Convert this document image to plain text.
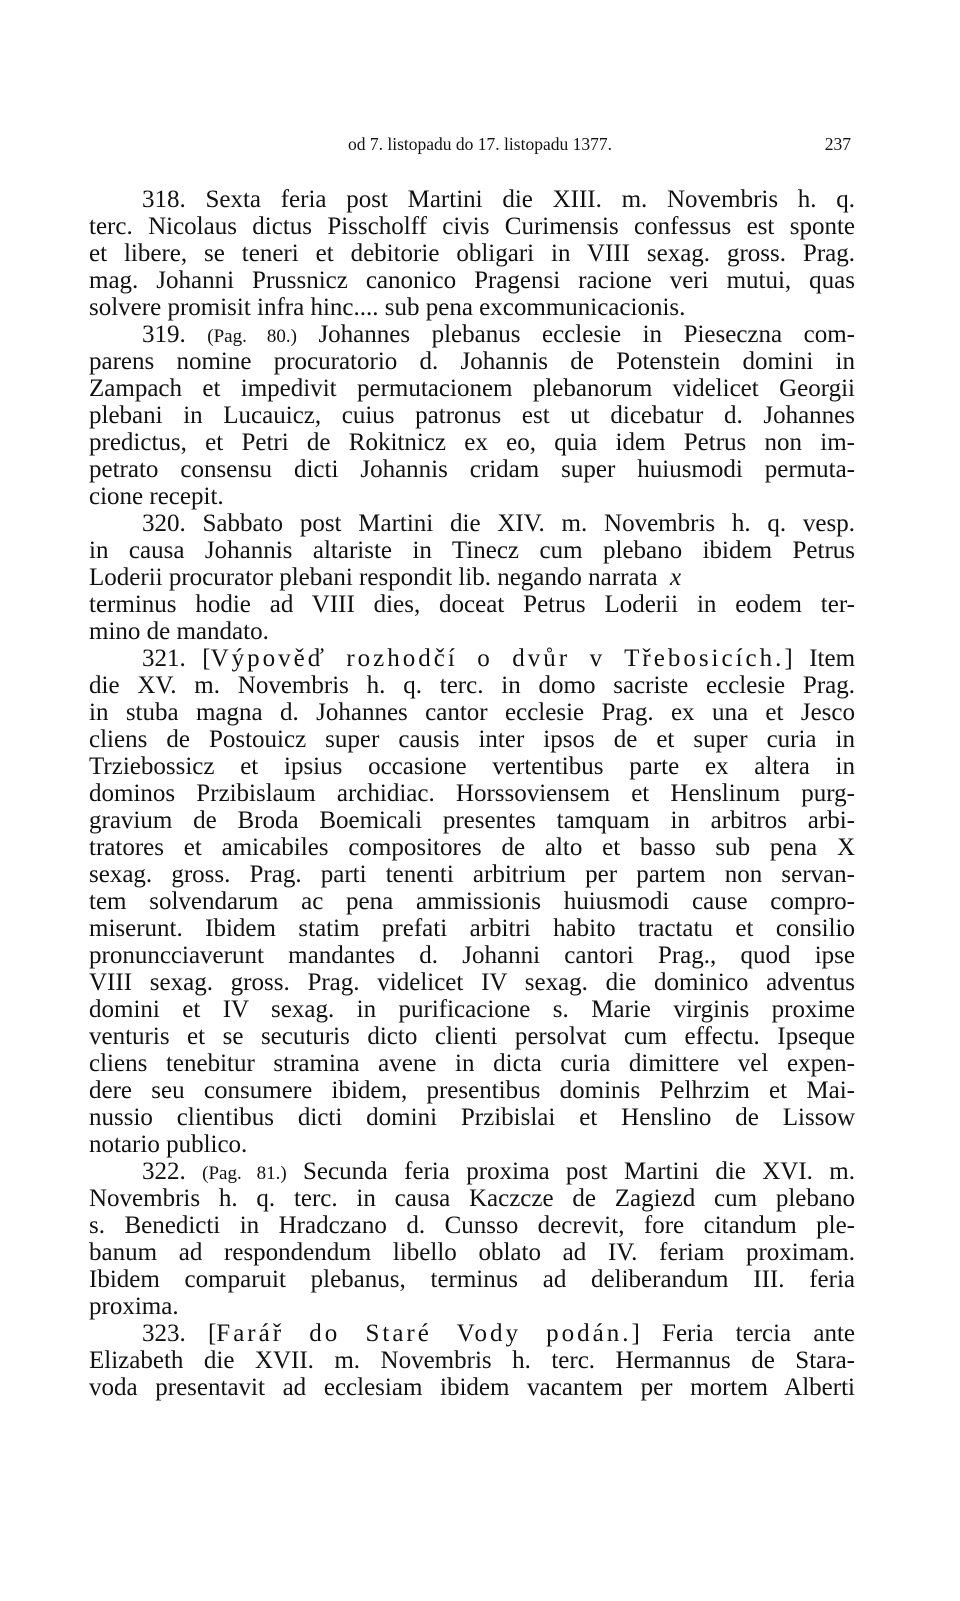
od 7. listopadu do 17. listopadu 1377.	237
318. Sexta feria post Martini die XIII. m. Novembris h. q.
terc. Nicolaus dictus Pisscholff civis Curimensis confessus est sponte
et libere, se teneri et debitorie obligari in VIII sexag. gross. Prag.
mag. Johanni Prussnicz canonico Pragensi racione veri mutui, quas
solvere promisit infra hinc.... sub pena excommunicacionis.
319. (Pag. 80.) Johannes plebanus ecclesie in Pieseczna com-
parens nomine procuratorio d. Johannis de Potenstein domini in
Zampach et impedivit permutacionem plebanorum videlicet Georgii
plebani in Lucauicz, cuius patronus est ut dicebatur d. Johannes
predictus, et Petri de Rokitnicz ex eo, quia idem Petrus non im-
petrato consensu dicti Johannis cridam super huiusmodi permuta-
cione recepit.
320. Sabbato post Martini die XIV. m. Novembris h. q. vesp.
in causa Johannis altariste in Tinecz cum plebano ibidem Petrus
Loderii procurator plebani respondit lib. negando narrata x
terminus hodie ad VIII dies, doceat Petrus Loderii in eodem ter-
mino de mandato.
321. [Výpověď rozhodčí o dvůr v Třebosicích.] Item
die XV. m. Novembris h. q. terc. in domo sacriste ecclesie Prag.
in stuba magna d. Johannes cantor ecclesie Prag. ex una et Jesco
cliens de Postouicz super causis inter ipsos de et super curia in
Trziebossicz et ipsius occasione vertentibus parte ex altera in
dominos Przibislaum archidiac. Horssoviensem et Henslinum purg-
gravium de Broda Boemicali presentes tamquam in arbitros arbi-
tratores et amicabiles compositores de alto et basso sub pena X
sexag. gross. Prag. parti tenenti arbitrium per partem non servan-
tem solvendarum ac pena ammissionis huiusmodi cause compro-
miserunt. Ibidem statim prefati arbitri habito tractatu et consilio
pronuncciaverunt mandantes d. Johanni cantori Prag., quod ipse
VIII sexag. gross. Prag. videlicet IV sexag. die dominico adventus
domini et IV sexag. in purificacione s. Marie virginis proxime
venturis et se secuturis dicto clienti persolvat cum effectu. Ipseque
cliens tenebitur stramina avene in dicta curia dimittere vel expen-
dere seu consumere ibidem, presentibus dominis Pelhrzim et Mai-
nussio clientibus dicti domini Przibislai et Henslino de Lissow
notario publico.
322. (Pag. 81.) Secunda feria proxima post Martini die XVI. m.
Novembris h. q. terc. in causa Kaczcze de Zagiezd cum plebano
s. Benedicti in Hradczano d. Cunsso decrevit, fore citandum ple-
banum ad respondendum libello oblato ad IV. feriam proximam.
Ibidem comparuit plebanus, terminus ad deliberandum III. feria
proxima.
323. [Farář do Staré Vody podán.] Feria tercia ante
Elizabeth die XVII. m. Novembris h. terc. Hermannus de Stara-
voda presentavit ad ecclesiam ibidem vacantem per mortem Alberti
